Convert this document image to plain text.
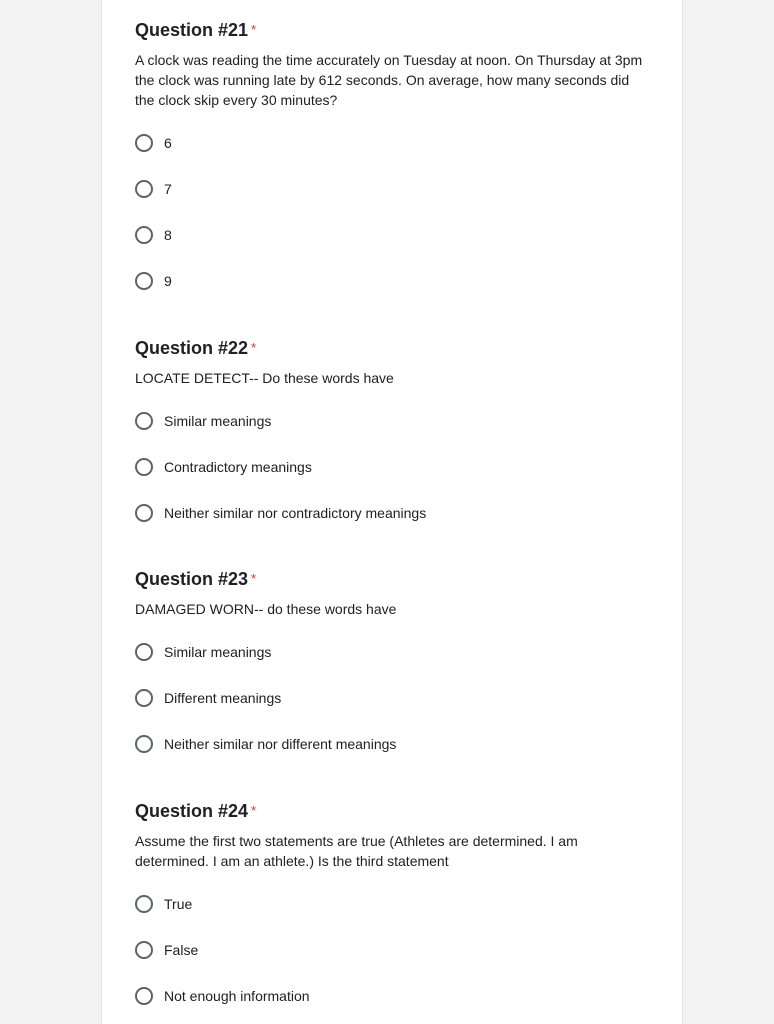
Question #21 *
A clock was reading the time accurately on Tuesday at noon. On Thursday at 3pm the clock was running late by 612 seconds. On average, how many seconds did the clock skip every 30 minutes?
6
7
8
9
Question #22 *
LOCATE DETECT-- Do these words have
Similar meanings
Contradictory meanings
Neither similar nor contradictory meanings
Question #23 *
DAMAGED WORN-- do these words have
Similar meanings
Different meanings
Neither similar nor different meanings
Question #24 *
Assume the first two statements are true (Athletes are determined. I am determined. I am an athlete.) Is the third statement
True
False
Not enough information
